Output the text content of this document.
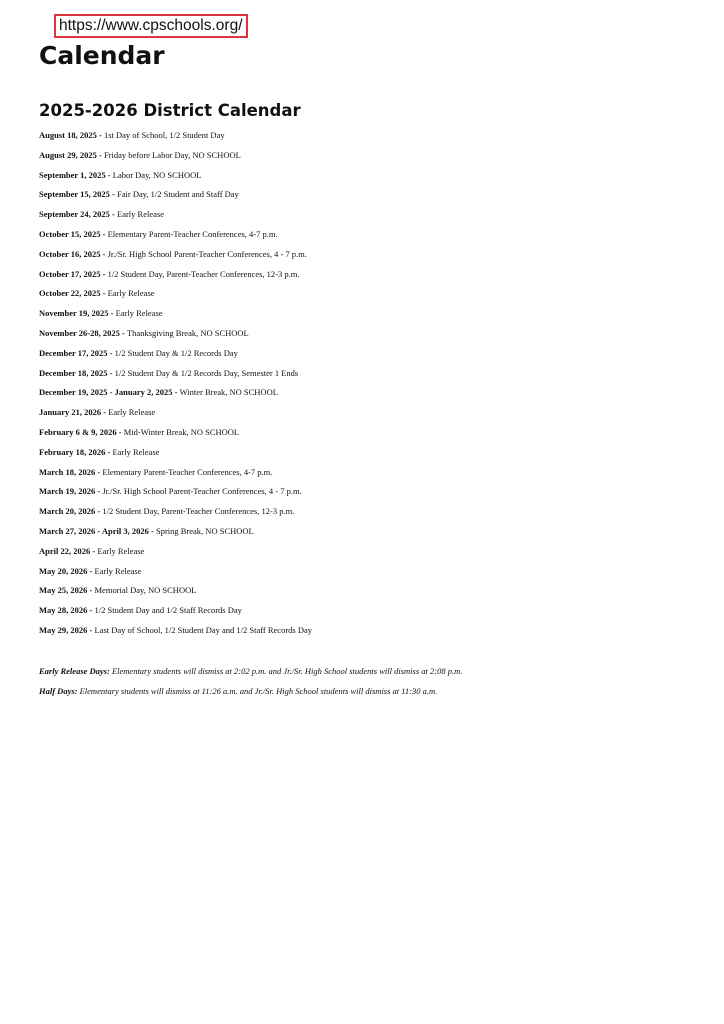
https://www.cpschools.org/
Calendar
2025-2026 District Calendar
August 18, 2025 - 1st Day of School, 1/2 Student Day
August 29, 2025 - Friday before Labor Day, NO SCHOOL
September 1, 2025 - Labor Day, NO SCHOOL
September 15, 2025 - Fair Day, 1/2 Student and Staff Day
September 24, 2025 - Early Release
October 15, 2025 - Elementary Parent-Teacher Conferences, 4-7 p.m.
October 16, 2025 - Jr./Sr. High School Parent-Teacher Conferences, 4 - 7 p.m.
October 17, 2025 - 1/2 Student Day, Parent-Teacher Conferences, 12-3 p.m.
October 22, 2025 - Early Release
November 19, 2025 - Early Release
November 26-28, 2025 - Thanksgiving Break, NO SCHOOL
December 17, 2025 - 1/2 Student Day & 1/2 Records Day
December 18, 2025 - 1/2 Student Day & 1/2 Records Day, Semester 1 Ends
December 19, 2025 - January 2, 2025 - Winter Break, NO SCHOOL
January 21, 2026 - Early Release
February 6 & 9, 2026 - Mid-Winter Break, NO SCHOOL
February 18, 2026 - Early Release
March 18, 2026 - Elementary Parent-Teacher Conferences, 4-7 p.m.
March 19, 2026 - Jr./Sr. High School Parent-Teacher Conferences, 4 - 7 p.m.
March 20, 2026 - 1/2 Student Day, Parent-Teacher Conferences, 12-3 p.m.
March 27, 2026 - April 3, 2026 - Spring Break, NO SCHOOL
April 22, 2026 - Early Release
May 20, 2026 - Early Release
May 25, 2026 - Memorial Day, NO SCHOOL
May 28, 2026 - 1/2 Student Day and 1/2 Staff Records Day
May 29, 2026 - Last Day of School, 1/2 Student Day and 1/2 Staff Records Day
Early Release Days: Elementary students will dismiss at 2:02 p.m. and Jr./Sr. High School students will dismiss at 2:08 p.m.
Half Days: Elementary students will dismiss at 11:26 a.m. and Jr./Sr. High School students will dismiss at 11:30 a.m.
